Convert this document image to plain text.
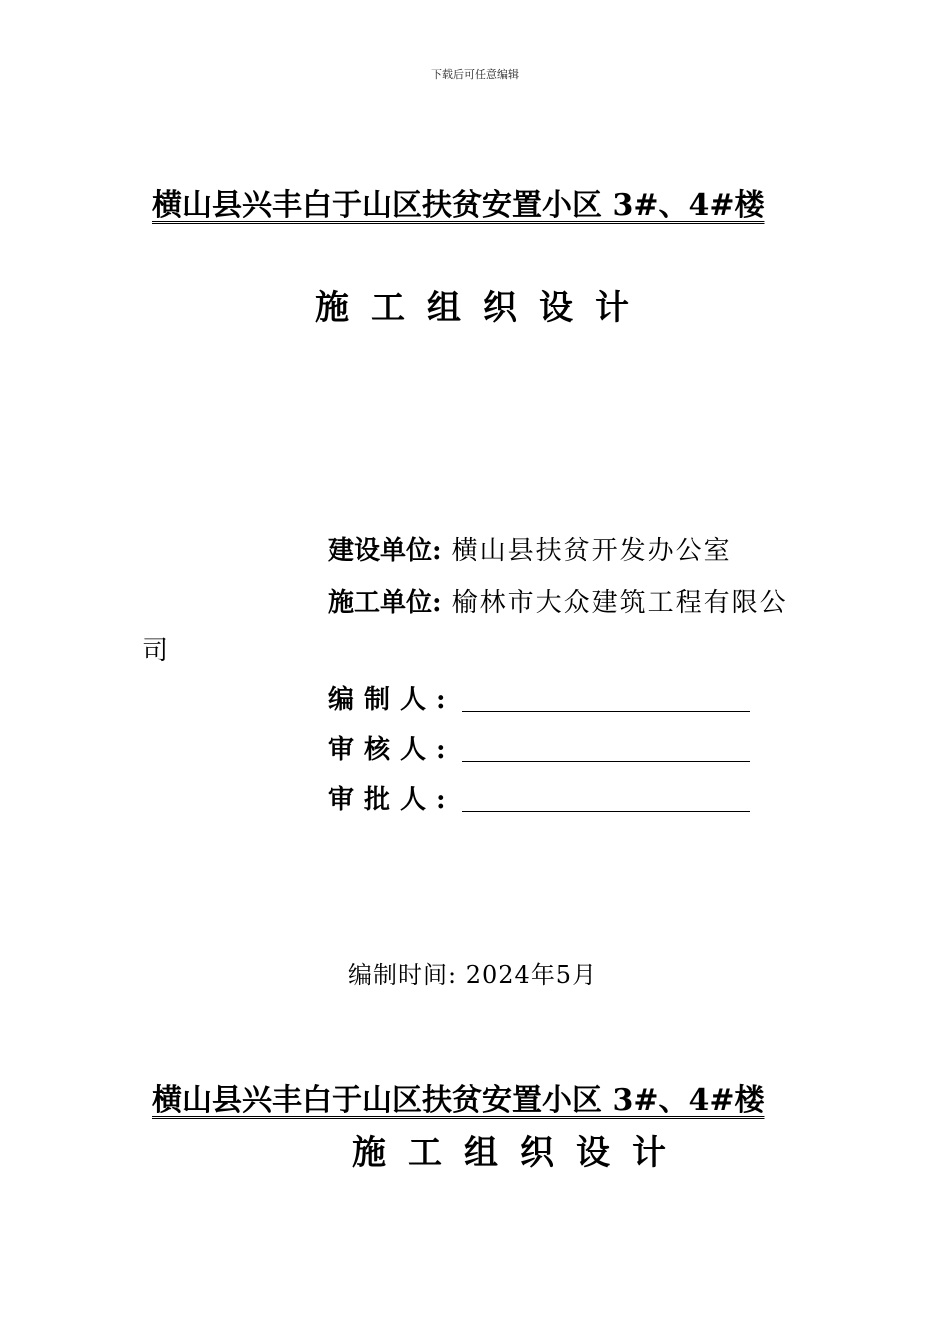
下载后可任意编辑
横山县兴丰白于山区扶贫安置小区 3#、4#楼
施工组织设计
建设单位: 横山县扶贫开发办公室
施工单位: 榆林市大众建筑工程有限公
司
编制人:
审核人:
审批人:
编制时间: 2024年5月
横山县兴丰白于山区扶贫安置小区 3#、4#楼
施工组织设计
